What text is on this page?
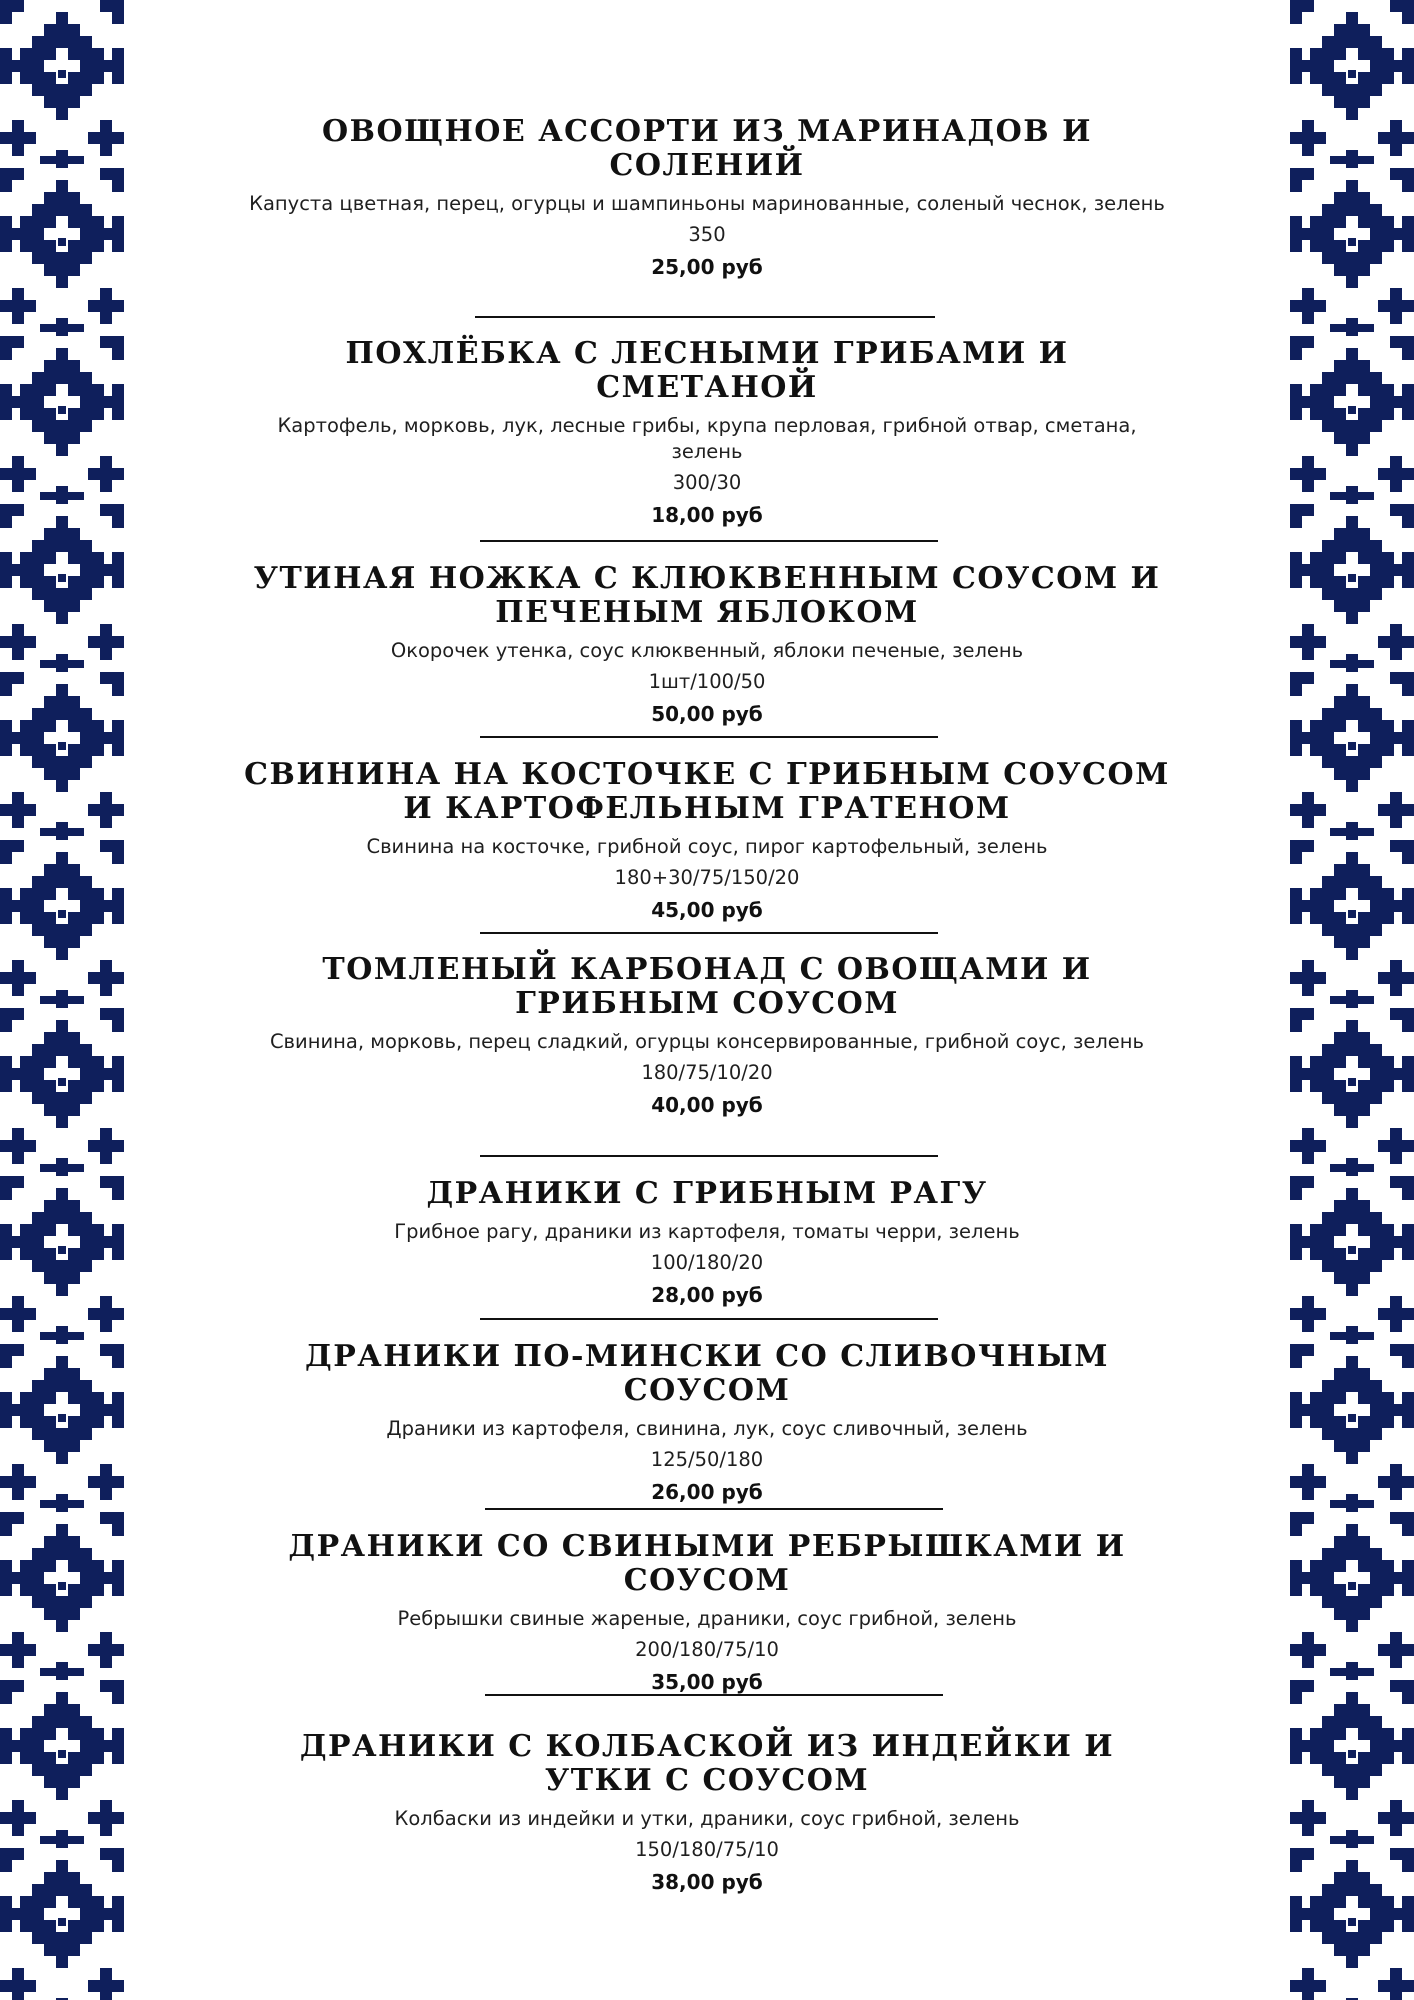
ОВОЩНОЕ АССОРТИ ИЗ МАРИНАДОВ И СОЛЕНИЙ
Капуста цветная, перец, огурцы и шампиньоны маринованные, соленый чеснок, зелень
350
25,00 руб
ПОХЛЁБКА С ЛЕСНЫМИ ГРИБАМИ И СМЕТАНОЙ
Картофель, морковь, лук, лесные грибы, крупа перловая, грибной отвар, сметана, зелень
300/30
18,00 руб
УТИНАЯ НОЖКА С КЛЮКВЕННЫМ СОУСОМ И ПЕЧЕНЫМ ЯБЛОКОМ
Окорочек утенка, соус клюквенный, яблоки печеные, зелень
1шт/100/50
50,00 руб
СВИНИНА НА КОСТОЧКЕ С ГРИБНЫМ СОУСОМ И КАРТОФЕЛЬНЫМ ГРАТЕНОМ
Свинина на косточке, грибной соус, пирог картофельный, зелень
180+30/75/150/20
45,00 руб
ТОМЛЕНЫЙ КАРБОНАД С ОВОЩАМИ И ГРИБНЫМ СОУСОМ
Свинина, морковь, перец сладкий, огурцы консервированные, грибной соус, зелень
180/75/10/20
40,00 руб
ДРАНИКИ С ГРИБНЫМ РАГУ
Грибное рагу, драники из картофеля, томаты черри, зелень
100/180/20
28,00 руб
ДРАНИКИ ПО-МИНСКИ СО СЛИВОЧНЫМ СОУСОМ
Драники из картофеля, свинина, лук, соус сливочный, зелень
125/50/180
26,00 руб
ДРАНИКИ СО СВИНЫМИ РЕБРЫШКАМИ И СОУСОМ
Ребрышки свиные жареные, драники, соус грибной, зелень
200/180/75/10
35,00 руб
ДРАНИКИ С КОЛБАСКОЙ ИЗ ИНДЕЙКИ И УТКИ С СОУСОМ
Колбаски из индейки и утки, драники, соус грибной, зелень
150/180/75/10
38,00 руб
